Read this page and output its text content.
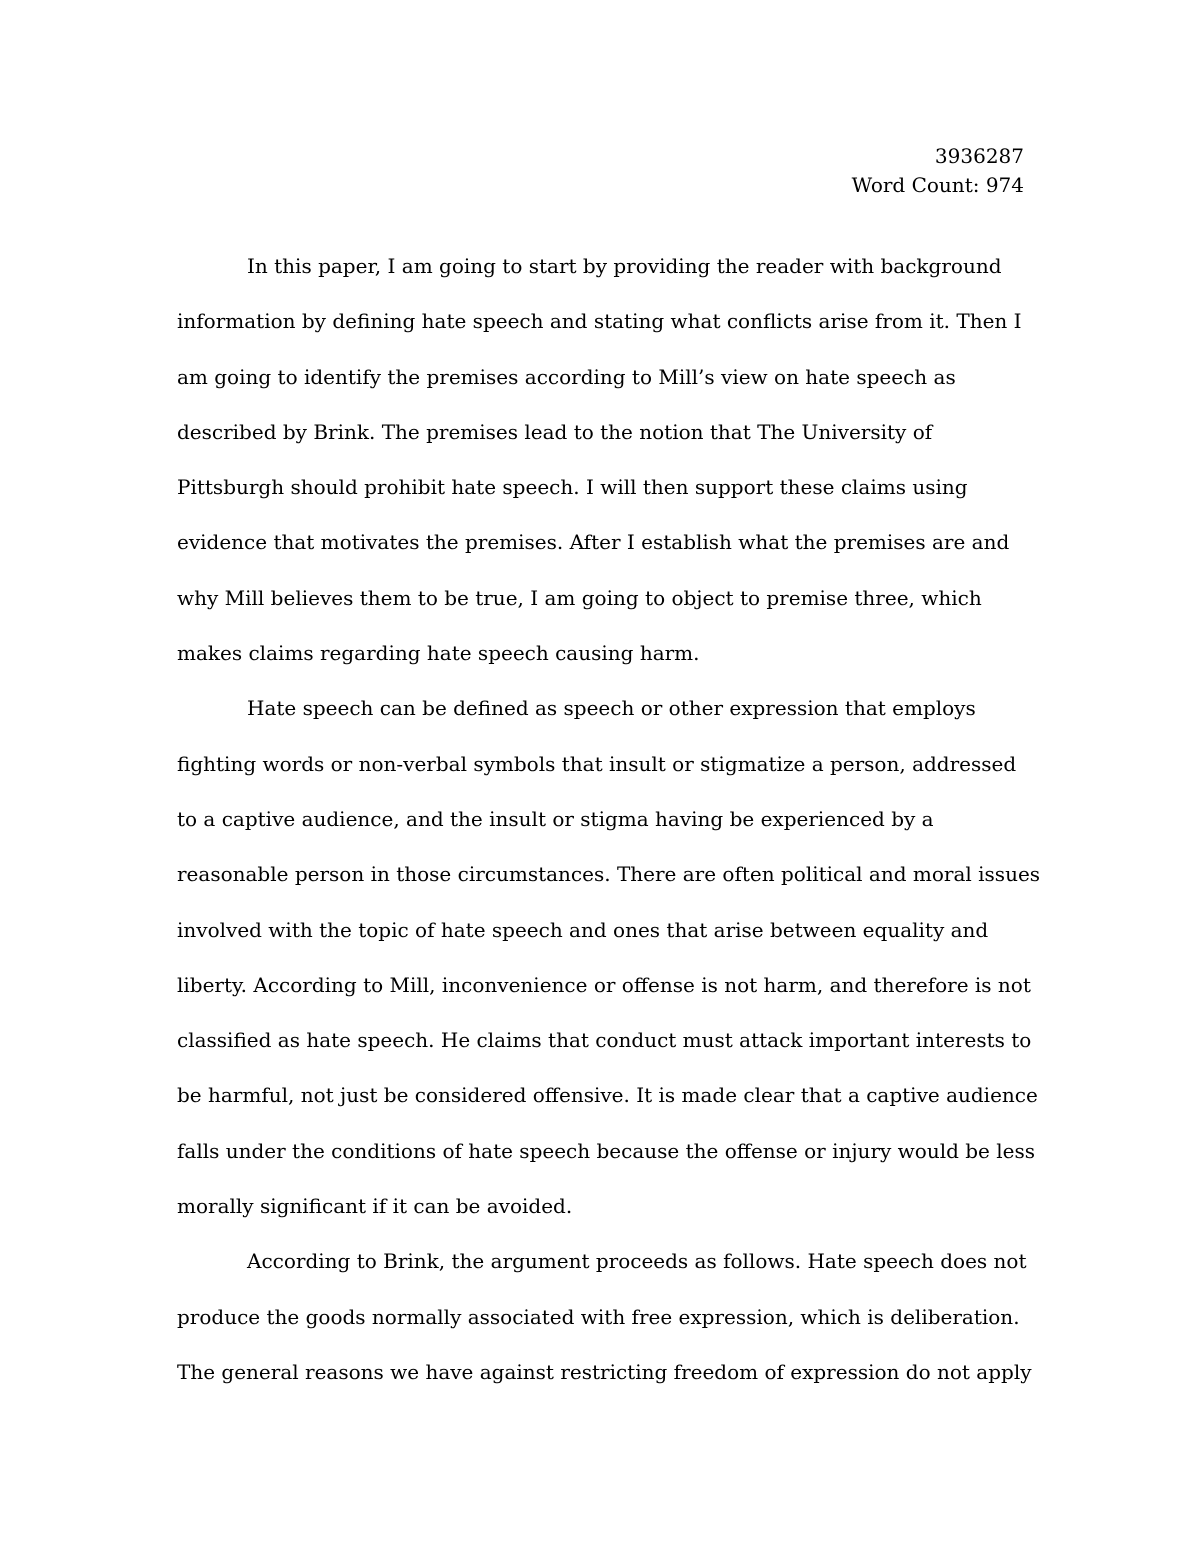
3936287
Word Count: 974
In this paper, I am going to start by providing the reader with background
information by defining hate speech and stating what conflicts arise from it. Then I
am going to identify the premises according to Mill’s view on hate speech as
described by Brink. The premises lead to the notion that The University of
Pittsburgh should prohibit hate speech. I will then support these claims using
evidence that motivates the premises. After I establish what the premises are and
why Mill believes them to be true, I am going to object to premise three, which
makes claims regarding hate speech causing harm.
Hate speech can be defined as speech or other expression that employs
fighting words or non-verbal symbols that insult or stigmatize a person, addressed
to a captive audience, and the insult or stigma having be experienced by a
reasonable person in those circumstances. There are often political and moral issues
involved with the topic of hate speech and ones that arise between equality and
liberty. According to Mill, inconvenience or offense is not harm, and therefore is not
classified as hate speech. He claims that conduct must attack important interests to
be harmful, not just be considered offensive. It is made clear that a captive audience
falls under the conditions of hate speech because the offense or injury would be less
morally significant if it can be avoided.
According to Brink, the argument proceeds as follows. Hate speech does not
produce the goods normally associated with free expression, which is deliberation.
The general reasons we have against restricting freedom of expression do not apply
